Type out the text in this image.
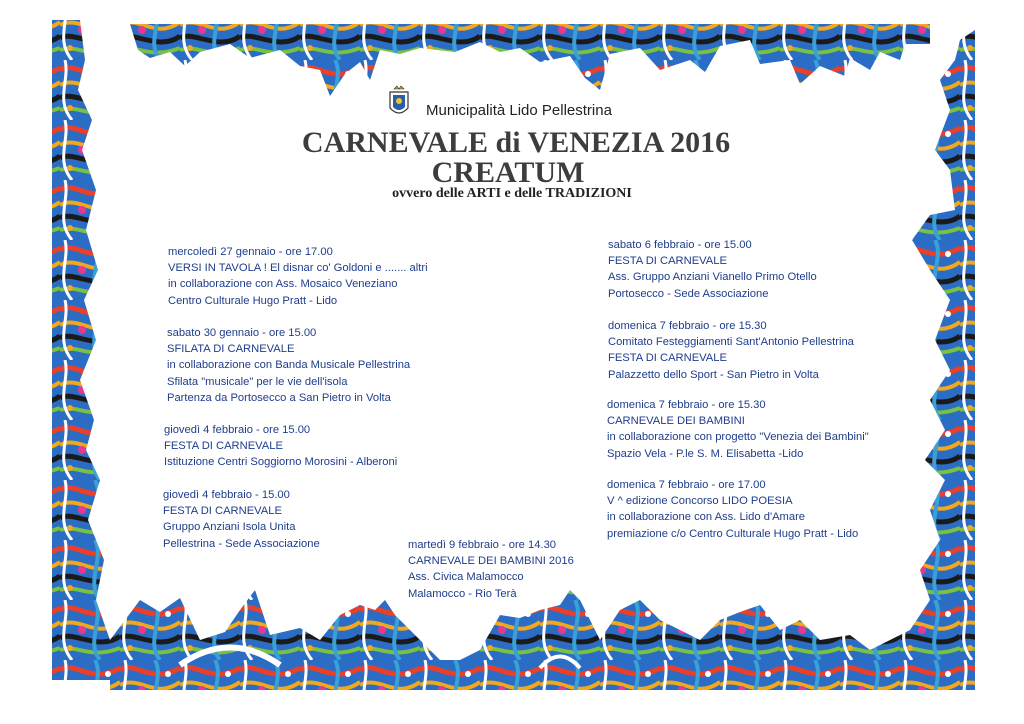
Municipalità Lido Pellestrina
CARNEVALE di VENEZIA 2016
CREATUM
ovvero delle ARTI e delle TRADIZIONI
mercoledì 27 gennaio - ore 17.00
VERSI IN TAVOLA ! El disnar co' Goldoni e ....... altri
in collaborazione con Ass. Mosaico Veneziano
Centro Culturale Hugo Pratt - Lido
sabato 30 gennaio - ore 15.00
SFILATA DI CARNEVALE
in collaborazione con Banda Musicale Pellestrina
Sfilata "musicale" per le vie dell'isola
Partenza da Portosecco a San Pietro in Volta
giovedì 4 febbraio - ore 15.00
FESTA DI CARNEVALE
Istituzione Centri Soggiorno Morosini - Alberoni
giovedì 4 febbraio - 15.00
FESTA DI CARNEVALE
Gruppo Anziani Isola Unita
Pellestrina - Sede Associazione	martedì 9 febbraio - ore 14.30
CARNEVALE DEI BAMBINI 2016
Ass. Civica Malamocco
Malamocco - Rio Terà
sabato 6 febbraio - ore 15.00
FESTA DI CARNEVALE
Ass. Gruppo Anziani Vianello Primo Otello
Portosecco - Sede Associazione
domenica 7 febbraio - ore 15.30
Comitato Festeggiamenti Sant'Antonio Pellestrina
FESTA DI CARNEVALE
Palazzetto dello Sport - San Pietro in Volta
domenica 7 febbraio - ore 15.30
CARNEVALE DEI BAMBINI
in collaborazione con progetto "Venezia dei Bambini"
Spazio Vela - P.le S. M. Elisabetta -Lido
domenica 7 febbraio - ore 17.00
V ^ edizione Concorso LIDO POESIA
in collaborazione con Ass. Lido d'Amare
premiazione c/o Centro Culturale Hugo Pratt - Lido
